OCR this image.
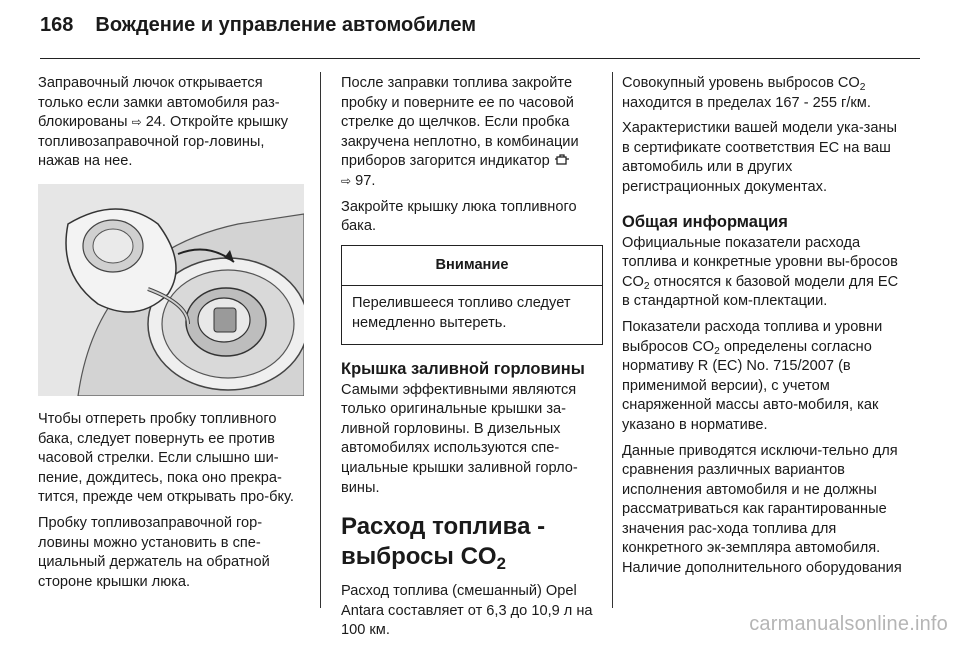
168 Вождение и управление автомобилем

Заправочный лючок открывается только если замки автомобиля раз-блокированы ⇨ 24. Откройте крышку топливозаправочной гор-ловины, нажав на нее.

Чтобы отпереть пробку топливного бака, следует повернуть ее против часовой стрелки. Если слышно ши-пение, дождитесь, пока оно прекра-тится, прежде чем открывать про-бку.

Пробку топливозаправочной гор-ловины можно установить в спе-циальный держатель на обратной стороне крышки люка.

После заправки топлива закройте пробку и поверните ее по часовой стрелке до щелчков. Если пробка закручена неплотно, в комбинации приборов загорится индикатор
⇨ 97.

Закройте крышку люка топливного бака.

Внимание
Перелившееся топливо следует немедленно вытереть.
Крышка заливной горловины

Самыми эффективными являются только оригинальные крышки за-ливной горловины. В дизельных автомобилях используются спе-циальные крышки заливной горло-вины.

Расход топлива -
выбросы $CO_2$

Расход топлива (смешанный) Opel Antara составляет от 6,3 до 10,9 л на 100 км.

Совокупный уровень выбросов $CO_2$ находится в пределах 167 - 255 г/км.

Характеристики вашей модели ука-заны в сертификате соответствия ЕС на ваш автомобиль или в других регистрационных документах.

Общая информация

Официальные показатели расхода топлива и конкретные уровни вы-бросов $CO_2$ относятся к базовой модели для ЕС в стандартной ком-плектации.

Показатели расхода топлива и уровни выбросов $CO_2$ определены согласно нормативу R (EC) No. 715/2007 (в применимой версии), с учетом снаряженной массы авто-мобиля, как указано в нормативе.

Данные приводятся исключи-тельно для сравнения различных вариантов исполнения автомобиля и не должны рассматриваться как гарантированные значения рас-хода топлива для конкретного эк-земпляра автомобиля. Наличие дополнительного оборудования

carmanualsonline.info
